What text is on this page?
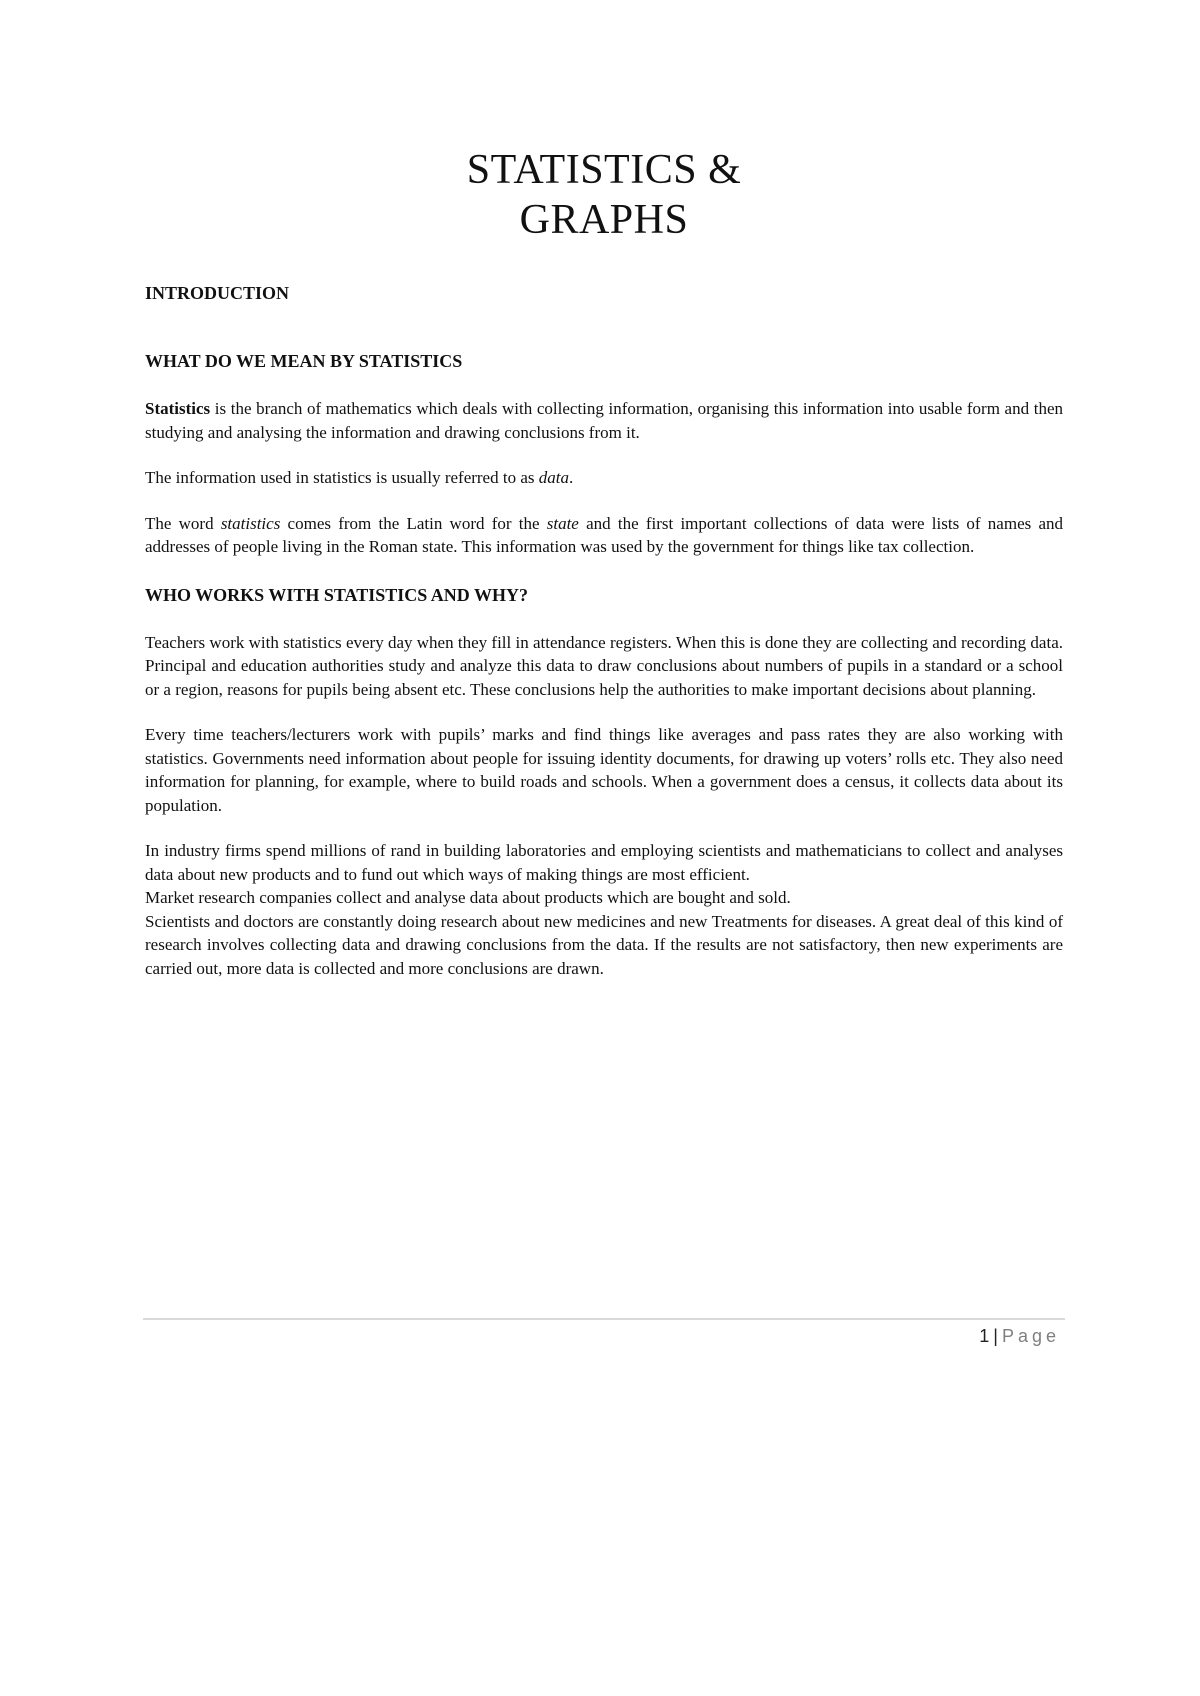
STATISTICS &
GRAPHS
INTRODUCTION
WHAT DO WE MEAN BY STATISTICS

Statistics is the branch of mathematics which deals with collecting information, organising this information into usable form and then studying and analysing the information and drawing conclusions from it.

The information used in statistics is usually referred to as data.

The word statistics comes from the Latin word for the state and the first important collections of data were lists of names and addresses of people living in the Roman state. This information was used by the government for things like tax collection.

WHO WORKS WITH STATISTICS AND WHY?

Teachers work with statistics every day when they fill in attendance registers. When this is done they are collecting and recording data. Principal and education authorities study and analyze this data to draw conclusions about numbers of pupils in a standard or a school or a region, reasons for pupils being absent etc. These conclusions help the authorities to make important decisions about planning.

Every time teachers/lecturers work with pupils’ marks and find things like averages and pass rates they are also working with statistics. Governments need information about people for issuing identity documents, for drawing up voters’ rolls etc. They also need information for planning, for example, where to build roads and schools. When a government does a census, it collects data about its population.

In industry firms spend millions of rand in building laboratories and employing scientists and mathematicians to collect and analyses data about new products and to fund out which ways of making things are most efficient.
Market research companies collect and analyse data about products which are bought and sold.
Scientists and doctors are constantly doing research about new medicines and new Treatments for diseases. A great deal of this kind of research involves collecting data and drawing conclusions from the data. If the results are not satisfactory, then new experiments are carried out, more data is collected and more conclusions are drawn.

1 | Page
